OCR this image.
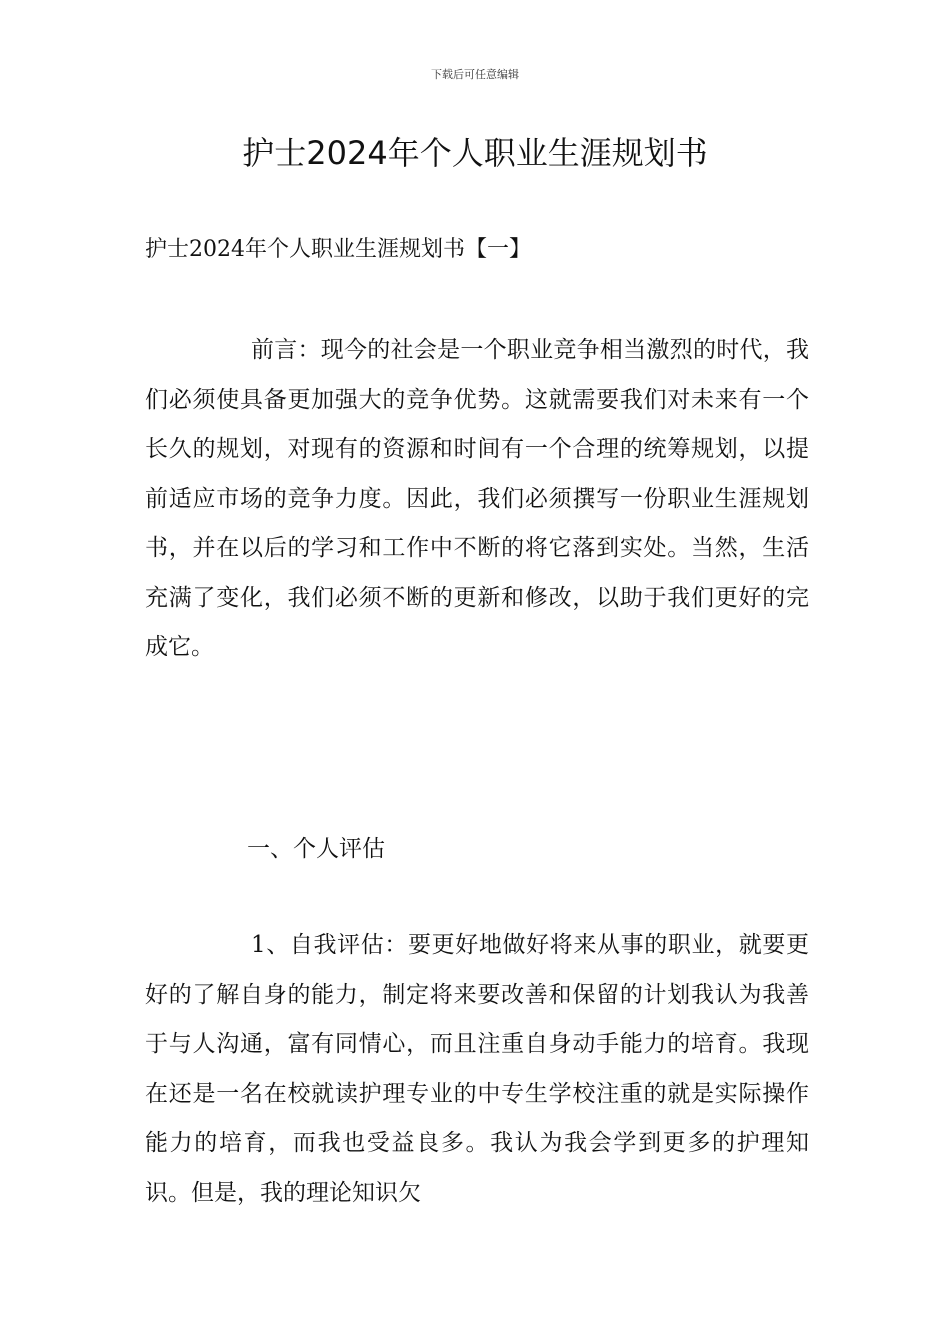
下载后可任意编辑
护士2024年个人职业生涯规划书
护士2024年个人职业生涯规划书【一】

前言：现今的社会是一个职业竞争相当激烈的时代，我们必须使具备更加强大的竞争优势。这就需要我们对未来有一个长久的规划，对现有的资源和时间有一个合理的统筹规划，以提前适应市场的竞争力度。因此，我们必须撰写一份职业生涯规划书，并在以后的学习和工作中不断的将它落到实处。当然，生活充满了变化，我们必须不断的更新和修改，以助于我们更好的完成它。

一、个人评估

1、自我评估：要更好地做好将来从事的职业，就要更好的了解自身的能力，制定将来要改善和保留的计划我认为我善于与人沟通，富有同情心，而且注重自身动手能力的培育。我现在还是一名在校就读护理专业的中专生学校注重的就是实际操作能力的培育，而我也受益良多。我认为我会学到更多的护理知识。但是，我的理论知识欠
